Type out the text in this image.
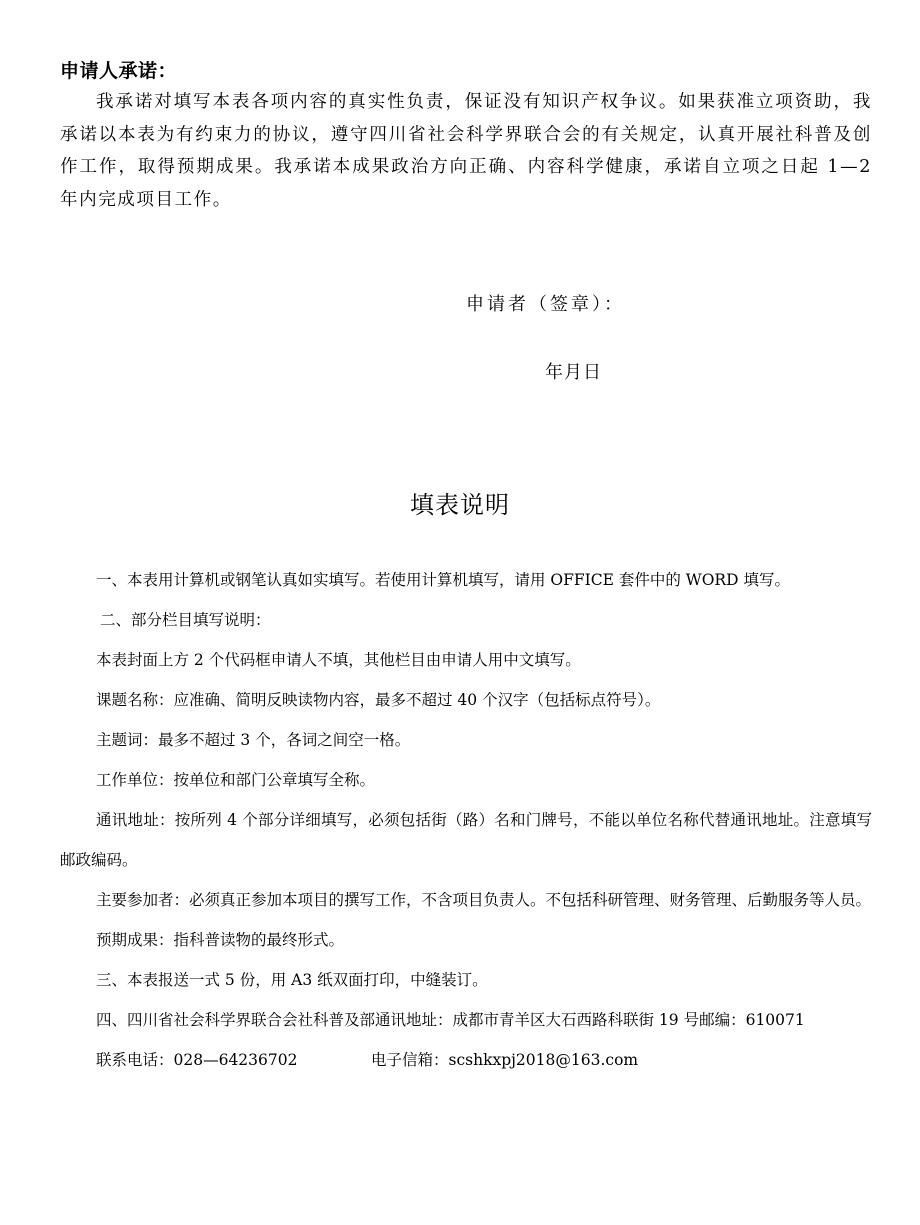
申请人承诺：

我承诺对填写本表各项内容的真实性负责，保证没有知识产权争议。如果获准立项资助，我承诺以本表为有约束力的协议，遵守四川省社会科学界联合会的有关规定，认真开展社科普及创作工作，取得预期成果。我承诺本成果政治方向正确、内容科学健康，承诺自立项之日起 1—2 年内完成项目工作。

申请者（签章）：
年月日
填表说明

一、本表用计算机或钢笔认真如实填写。若使用计算机填写，请用 OFFICE 套件中的 WORD 填写。

二、部分栏目填写说明：

本表封面上方 2 个代码框申请人不填，其他栏目由申请人用中文填写。

课题名称：应准确、简明反映读物内容，最多不超过 40 个汉字（包括标点符号）。

主题词：最多不超过 3 个，各词之间空一格。

工作单位：按单位和部门公章填写全称。

通讯地址：按所列 4 个部分详细填写，必须包括街（路）名和门牌号，不能以单位名称代替通讯地址。注意填写邮政编码。

主要参加者：必须真正参加本项目的撰写工作，不含项目负责人。不包括科研管理、财务管理、后勤服务等人员。

预期成果：指科普读物的最终形式。

三、本表报送一式 5 份，用 A3 纸双面打印，中缝装订。

四、四川省社会科学界联合会社科普及部通讯地址：成都市青羊区大石西路科联街 19 号邮编：610071

联系电话：028—64236702	电子信箱：scshkxpj2018@163.com
